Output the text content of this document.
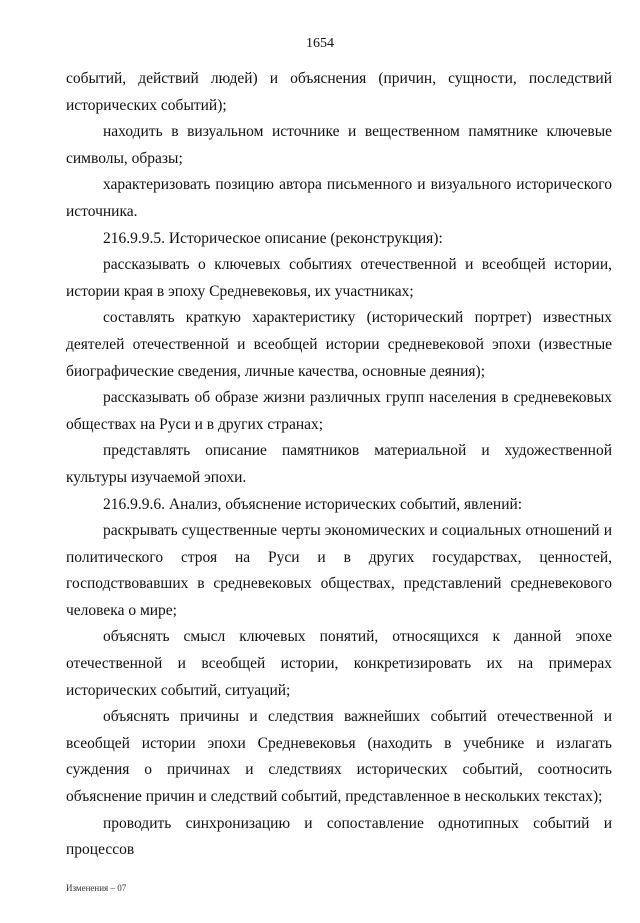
1654

событий, действий людей) и объяснения (причин, сущности, последствий исторических событий);

находить в визуальном источнике и вещественном памятнике ключевые символы, образы;

характеризовать позицию автора письменного и визуального исторического источника.

216.9.9.5. Историческое описание (реконструкция):

рассказывать о ключевых событиях отечественной и всеобщей истории, истории края в эпоху Средневековья, их участниках;

составлять краткую характеристику (исторический портрет) известных деятелей отечественной и всеобщей истории средневековой эпохи (известные биографические сведения, личные качества, основные деяния);

рассказывать об образе жизни различных групп населения в средневековых обществах на Руси и в других странах;

представлять описание памятников материальной и художественной культуры изучаемой эпохи.

216.9.9.6. Анализ, объяснение исторических событий, явлений:

раскрывать существенные черты экономических и социальных отношений и политического строя на Руси и в других государствах, ценностей, господствовавших в средневековых обществах, представлений средневекового человека о мире;

объяснять смысл ключевых понятий, относящихся к данной эпохе отечественной и всеобщей истории, конкретизировать их на примерах исторических событий, ситуаций;

объяснять причины и следствия важнейших событий отечественной и всеобщей истории эпохи Средневековья (находить в учебнике и излагать суждения о причинах и следствиях исторических событий, соотносить объяснение причин и следствий событий, представленное в нескольких текстах);

проводить синхронизацию и сопоставление однотипных событий и процессов

Изменения – 07
